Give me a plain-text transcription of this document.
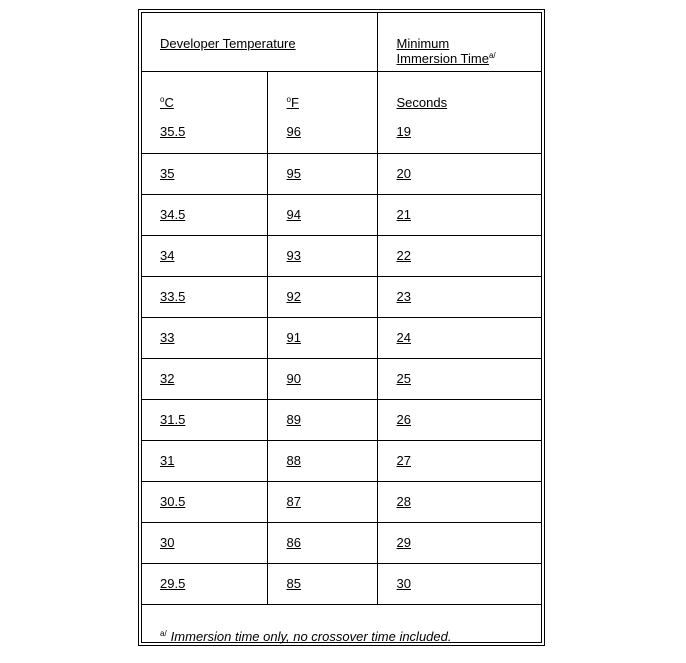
Developer Temperature		Minimum
Immersion Time$^{a/}$
$^o$C	$^o$F	Seconds
35.5	96	19
35	95	20
34.5	94	21
34	93	22
33.5	92	23
33	91	24
32	90	25
31.5	89	26
31	88	27
30.5	87	28
30	86	29
29.5	85	30
$^{a/}$ Immersion time only, no crossover time included.		
